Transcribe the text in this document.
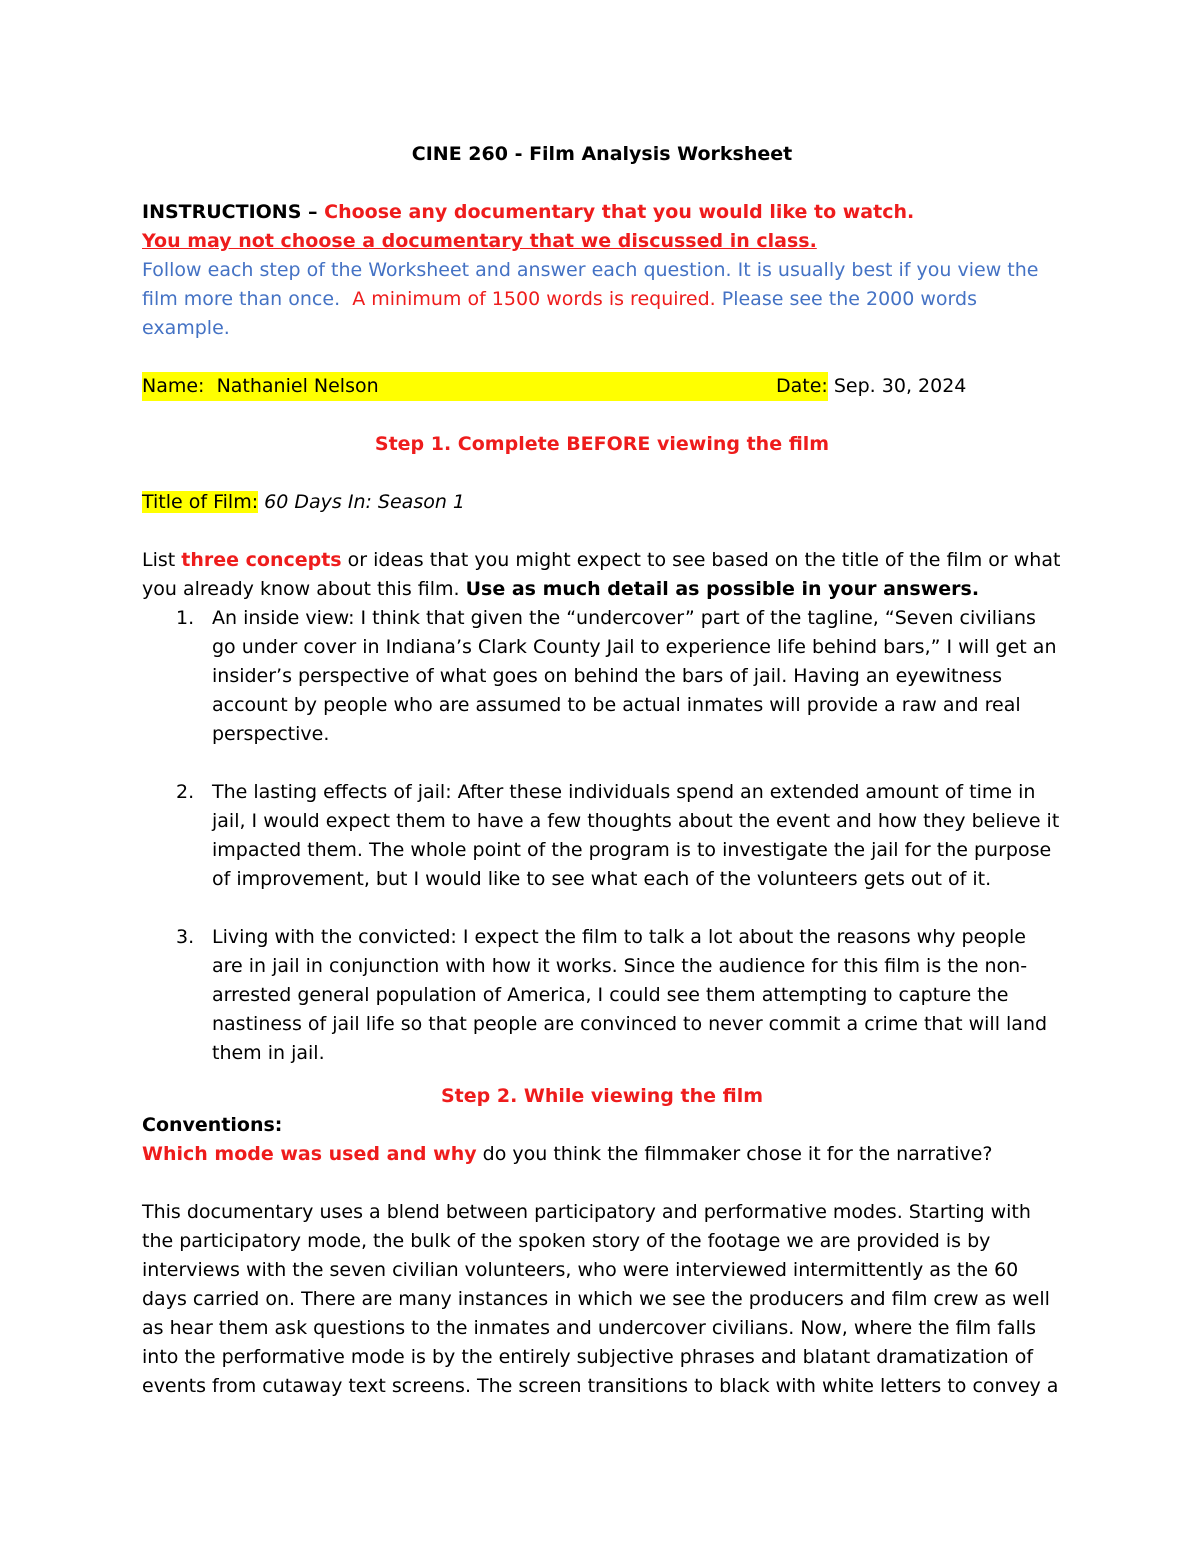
CINE 260 - Film Analysis Worksheet

INSTRUCTIONS – Choose any documentary that you would like to watch.

You may not choose a documentary that we discussed in class.

Follow each step of the Worksheet and answer each question. It is usually best if you view the film more than once. A minimum of 1500 words is required. Please see the 2000 words example.

Name: Nathaniel Nelson	Date:
Sep. 30, 2024

Step 1. Complete BEFORE viewing the film

Title of Film: 60 Days In: Season 1

List three concepts or ideas that you might expect to see based on the title of the film or what you already know about this film. Use as much detail as possible in your answers.

1. An inside view: I think that given the “undercover” part of the tagline, “Seven civilians go under cover in Indiana’s Clark County Jail to experience life behind bars,” I will get an insider’s perspective of what goes on behind the bars of jail. Having an eyewitness account by people who are assumed to be actual inmates will provide a raw and real perspective.
2. The lasting effects of jail: After these individuals spend an extended amount of time in jail, I would expect them to have a few thoughts about the event and how they believe it impacted them. The whole point of the program is to investigate the jail for the purpose of improvement, but I would like to see what each of the volunteers gets out of it.
3. Living with the convicted: I expect the film to talk a lot about the reasons why people are in jail in conjunction with how it works. Since the audience for this film is the non-arrested general population of America, I could see them attempting to capture the nastiness of jail life so that people are convinced to never commit a crime that will land them in jail.

Step 2. While viewing the film

Conventions:

Which mode was used and why do you think the filmmaker chose it for the narrative?

This documentary uses a blend between participatory and performative modes. Starting with the participatory mode, the bulk of the spoken story of the footage we are provided is by interviews with the seven civilian volunteers, who were interviewed intermittently as the 60 days carried on. There are many instances in which we see the producers and film crew as well as hear them ask questions to the inmates and undercover civilians. Now, where the film falls into the performative mode is by the entirely subjective phrases and blatant dramatization of events from cutaway text screens. The screen transitions to black with white letters to convey a
